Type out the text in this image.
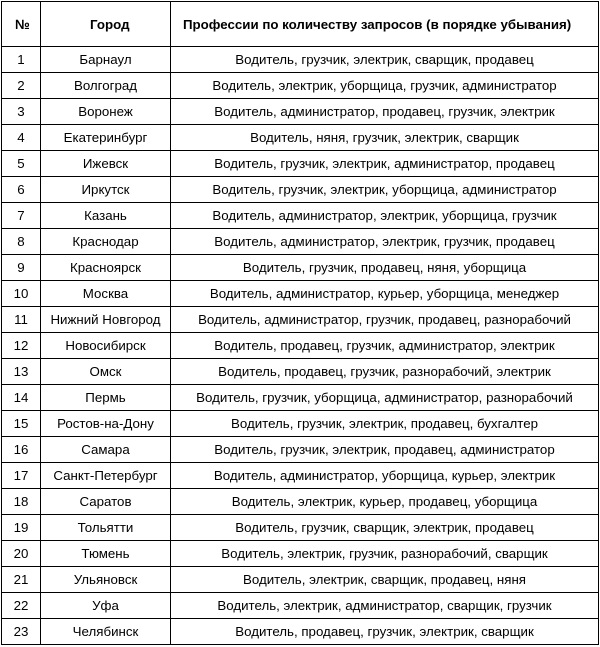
№	Город	Профессии по количеству запросов (в порядке убывания)
1	Барнаул	Водитель, грузчик, электрик, сварщик, продавец
2	Волгоград	Водитель, электрик, уборщица, грузчик, администратор
3	Воронеж	Водитель, администратор, продавец, грузчик, электрик
4	Екатеринбург	Водитель, няня, грузчик, электрик, сварщик
5	Ижевск	Водитель, грузчик, электрик, администратор, продавец
6	Иркутск	Водитель, грузчик, электрик, уборщица, администратор
7	Казань	Водитель, администратор, электрик, уборщица, грузчик
8	Краснодар	Водитель, администратор, электрик, грузчик, продавец
9	Красноярск	Водитель, грузчик, продавец, няня, уборщица
10	Москва	Водитель, администратор, курьер, уборщица, менеджер
11	Нижний Новгород	Водитель, администратор, грузчик, продавец, разнорабочий
12	Новосибирск	Водитель, продавец, грузчик, администратор, электрик
13	Омск	Водитель, продавец, грузчик, разнорабочий, электрик
14	Пермь	Водитель, грузчик, уборщица, администратор, разнорабочий
15	Ростов-на-Дону	Водитель, грузчик, электрик, продавец, бухгалтер
16	Самара	Водитель, грузчик, электрик, продавец, администратор
17	Санкт-Петербург	Водитель, администратор, уборщица, курьер, электрик
18	Саратов	Водитель, электрик, курьер, продавец, уборщица
19	Тольятти	Водитель, грузчик, сварщик, электрик, продавец
20	Тюмень	Водитель, электрик, грузчик, разнорабочий, сварщик
21	Ульяновск	Водитель, электрик, сварщик, продавец, няня
22	Уфа	Водитель, электрик, администратор, сварщик, грузчик
23	Челябинск	Водитель, продавец, грузчик, электрик, сварщик
